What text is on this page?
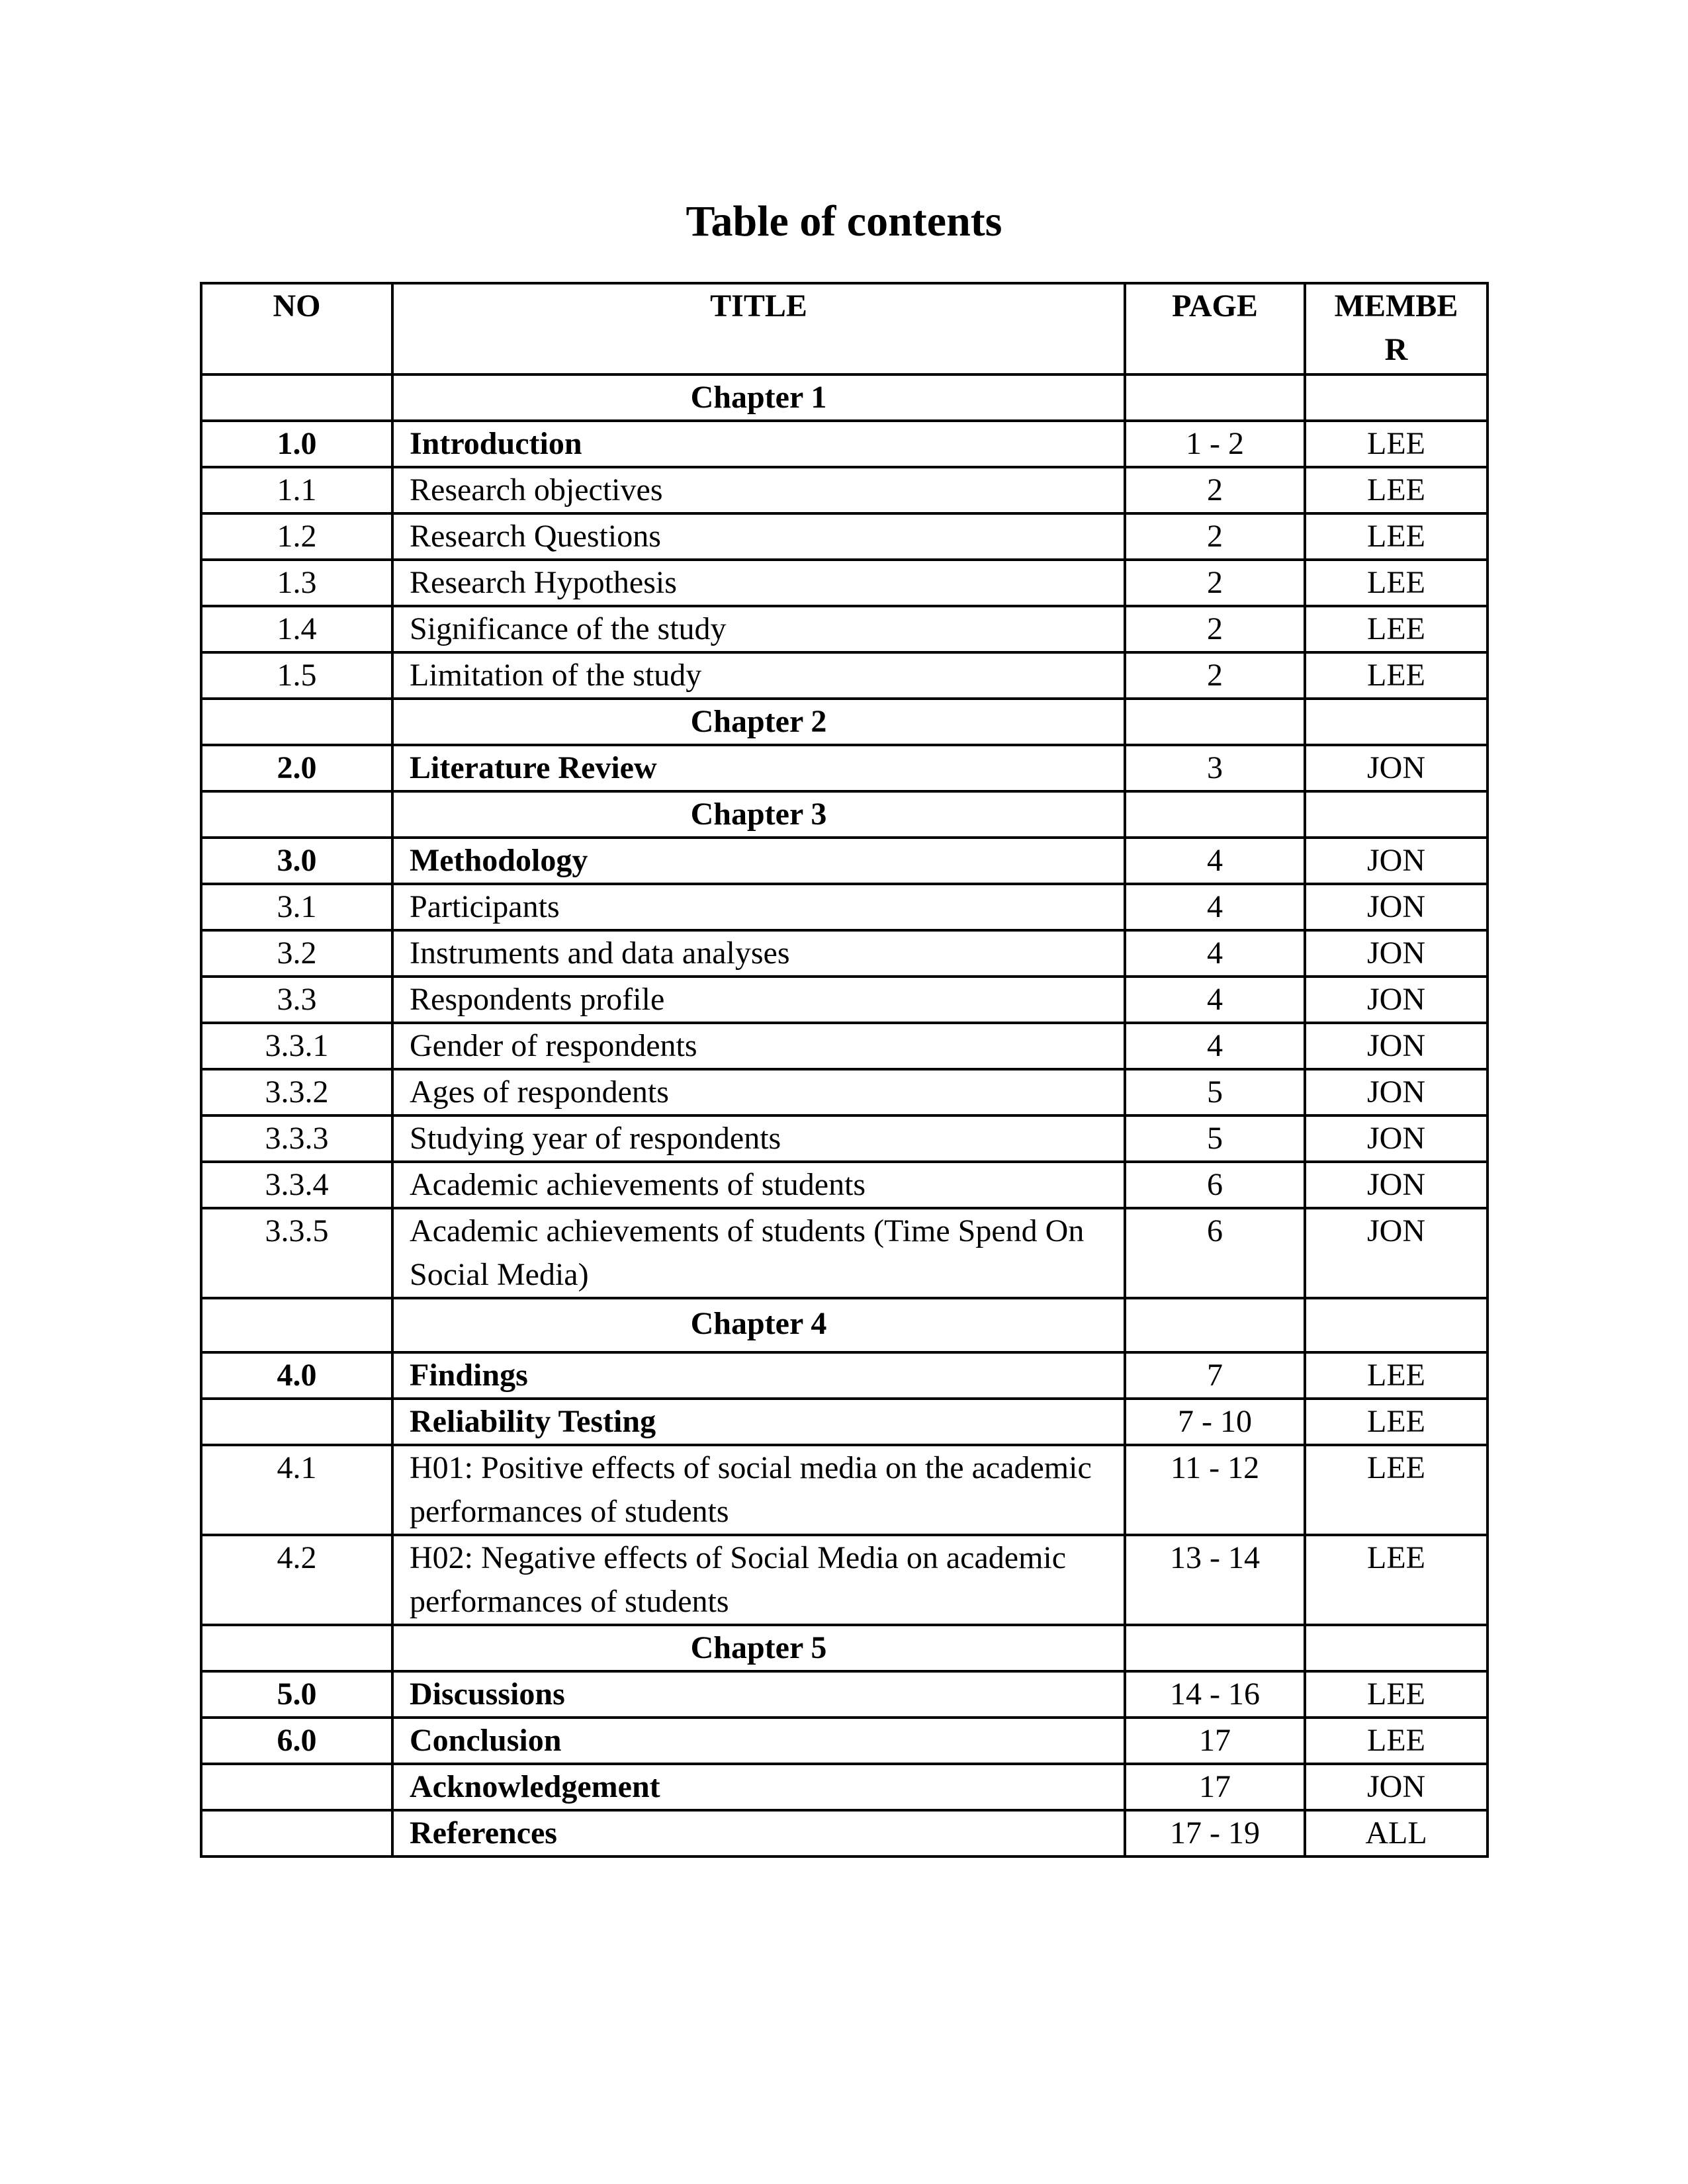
Table of contents
NO	TITLE	PAGE	MEMBE R
	Chapter 1		
1.0	Introduction	1 - 2	LEE
1.1	Research objectives	2	LEE
1.2	Research Questions	2	LEE
1.3	Research Hypothesis	2	LEE
1.4	Significance of the study	2	LEE
1.5	Limitation of the study	2	LEE
	Chapter 2		
2.0	Literature Review	3	JON
	Chapter 3		
3.0	Methodology	4	JON
3.1	Participants	4	JON
3.2	Instruments and data analyses	4	JON
3.3	Respondents profile	4	JON
3.3.1	Gender of respondents	4	JON
3.3.2	Ages of respondents	5	JON
3.3.3	Studying year of respondents	5	JON
3.3.4	Academic achievements of students	6	JON
3.3.5	Academic achievements of students (Time Spend On Social Media)	6	JON
	Chapter 4		
4.0	Findings	7	LEE
	Reliability Testing	7 - 10	LEE
4.1	H01: Positive effects of social media on the academic performances of students	11 - 12	LEE
4.2	H02: Negative effects of Social Media on academic performances of students	13 - 14	LEE
	Chapter 5		
5.0	Discussions	14 - 16	LEE
6.0	Conclusion	17	LEE
	Acknowledgement	17	JON
	References	17 - 19	ALL
